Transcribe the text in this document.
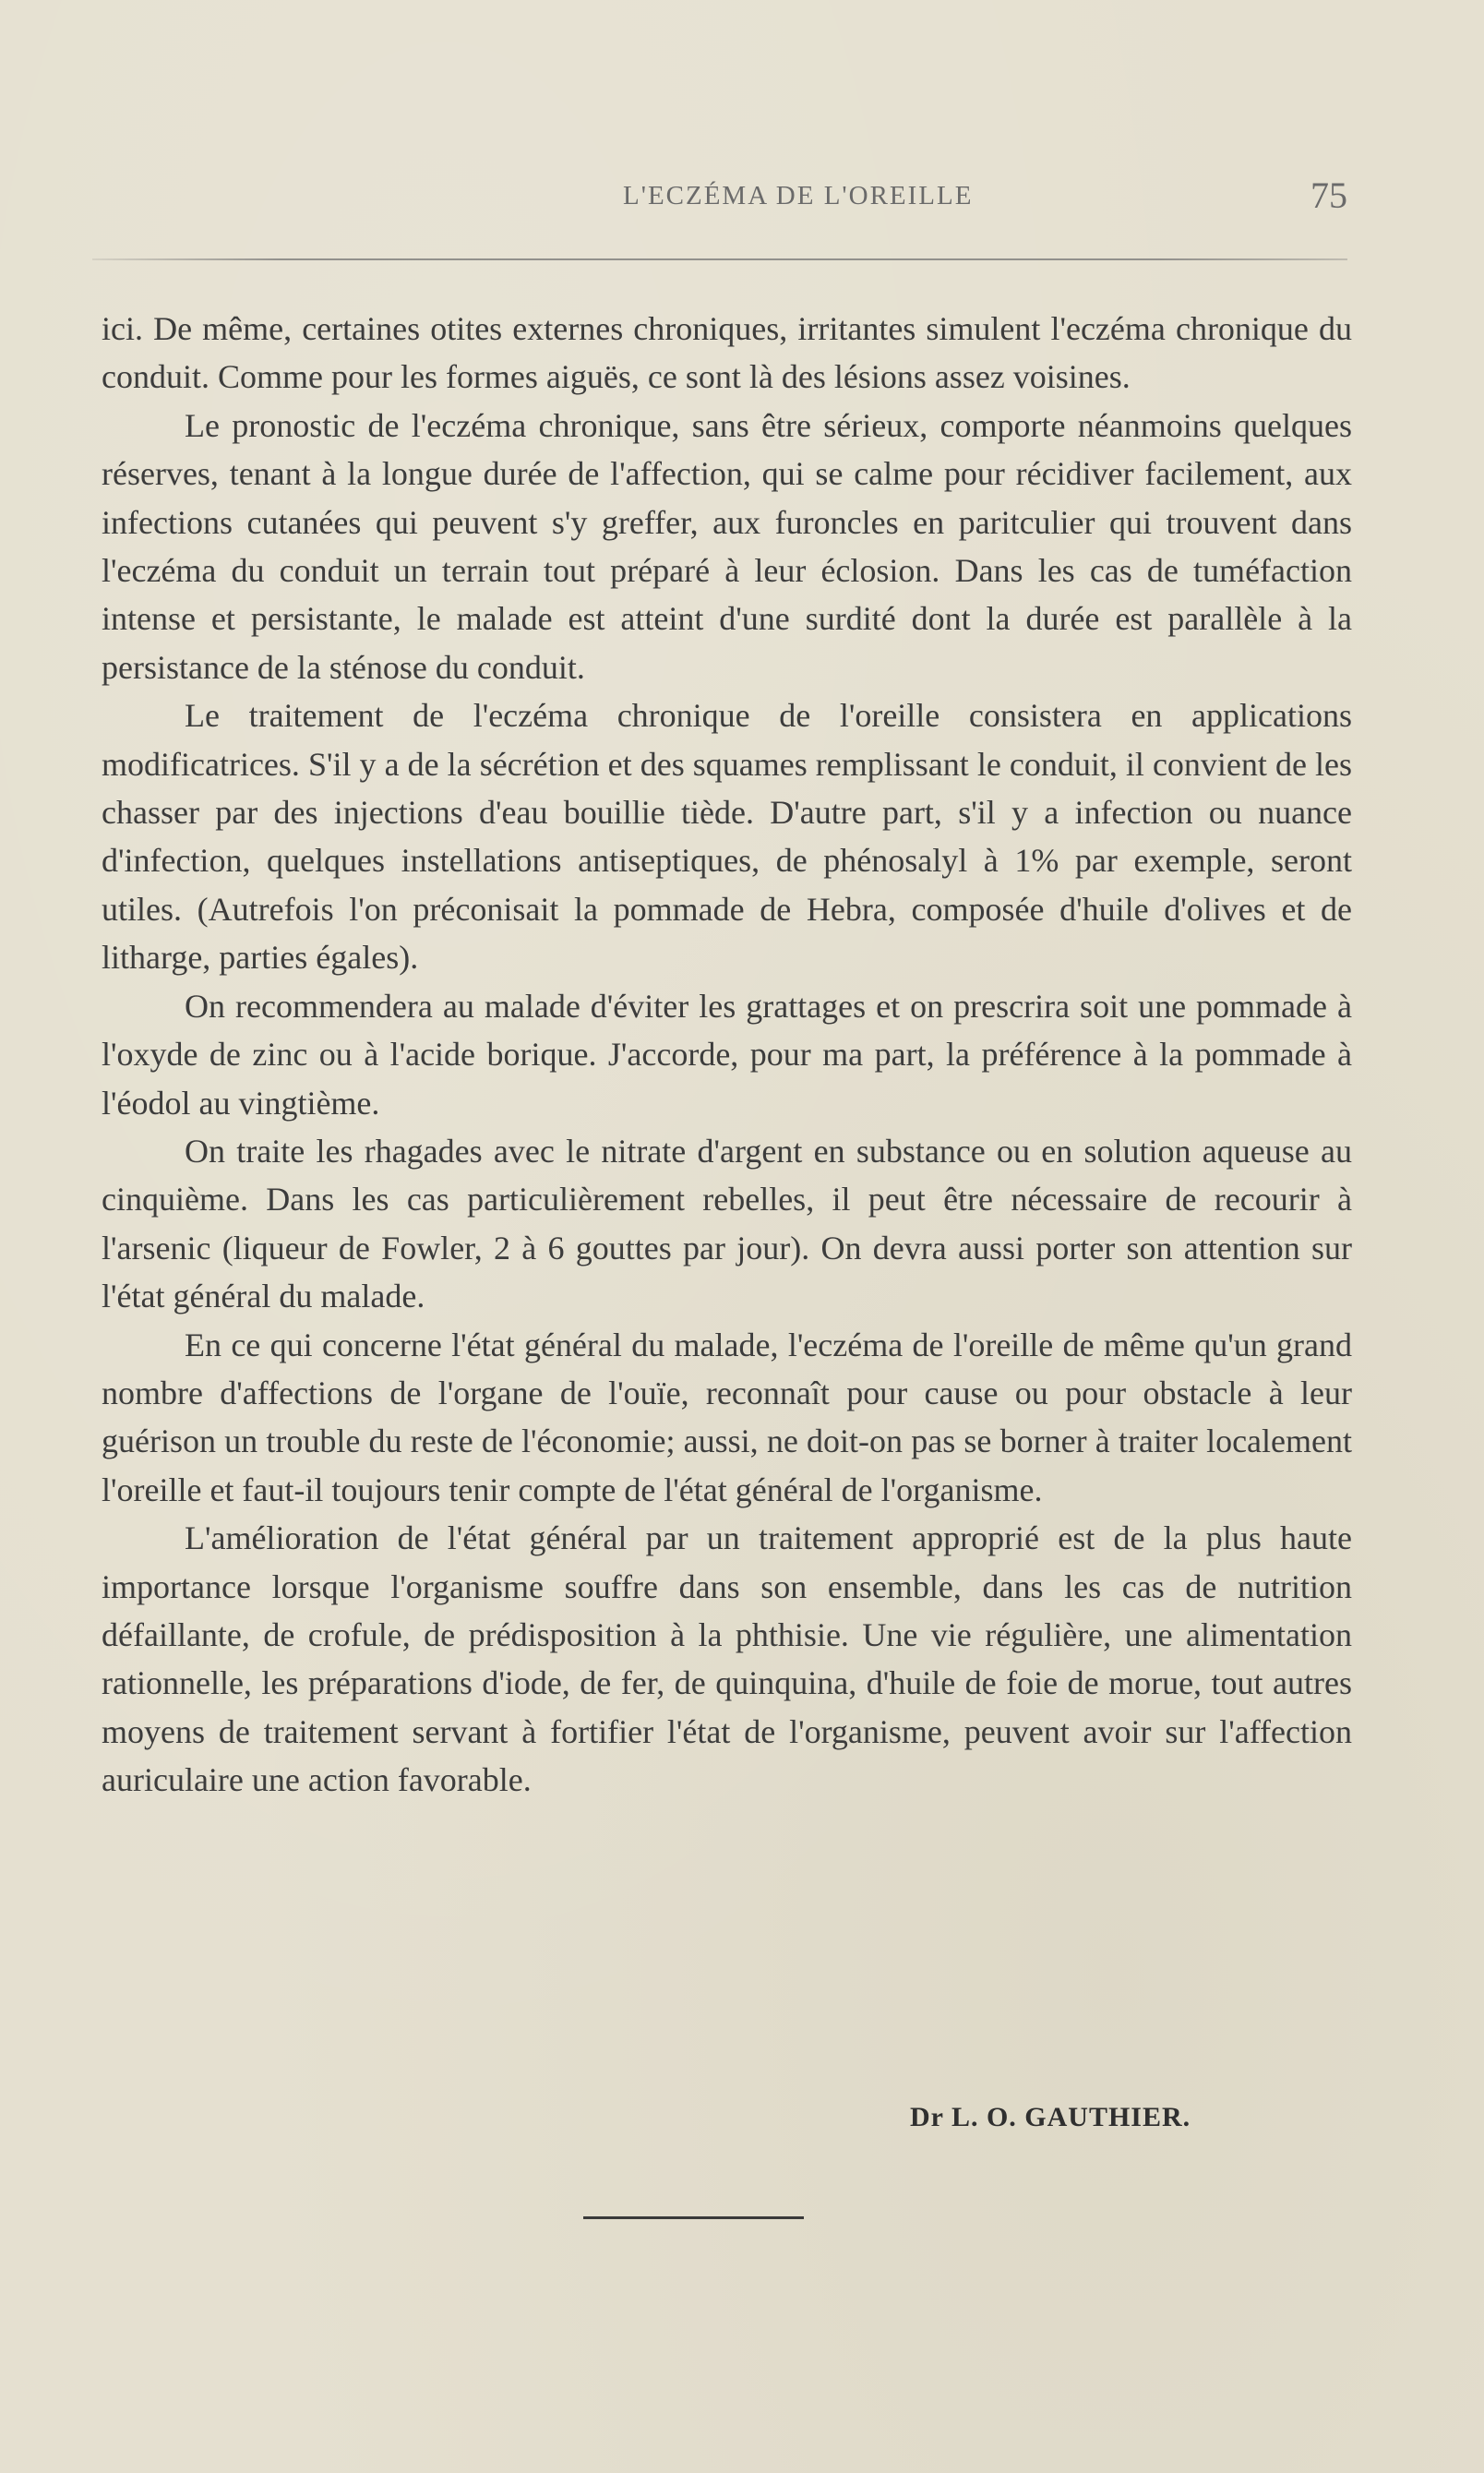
L'ECZÉMA DE L'OREILLE	75

ici. De même, certaines otites externes chroniques, irritantes simulent l'eczéma chronique du conduit. Comme pour les formes aiguës, ce sont là des lésions assez voisines.

Le pronostic de l'eczéma chronique, sans être sérieux, comporte néanmoins quelques réserves, tenant à la longue durée de l'affection, qui se calme pour récidiver facilement, aux infections cutanées qui peuvent s'y greffer, aux furoncles en paritculier qui trouvent dans l'eczéma du conduit un terrain tout préparé à leur éclosion. Dans les cas de tuméfaction intense et persistante, le malade est atteint d'une surdité dont la durée est parallèle à la persistance de la sténose du conduit.

Le traitement de l'eczéma chronique de l'oreille consistera en applications modificatrices. S'il y a de la sécrétion et des squames remplissant le conduit, il convient de les chasser par des injections d'eau bouillie tiède. D'autre part, s'il y a infection ou nuance d'infection, quelques instellations antiseptiques, de phénosalyl à 1% par exemple, seront utiles. (Autrefois l'on préconisait la pommade de Hebra, composée d'huile d'olives et de litharge, parties égales).

On recommendera au malade d'éviter les grattages et on prescrira soit une pommade à l'oxyde de zinc ou à l'acide borique. J'accorde, pour ma part, la préférence à la pommade à l'éodol au vingtième.

On traite les rhagades avec le nitrate d'argent en substance ou en solution aqueuse au cinquième. Dans les cas particulièrement rebelles, il peut être nécessaire de recourir à l'arsenic (liqueur de Fowler, 2 à 6 gouttes par jour). On devra aussi porter son attention sur l'état général du malade.

En ce qui concerne l'état général du malade, l'eczéma de l'oreille de même qu'un grand nombre d'affections de l'organe de l'ouïe, reconnaît pour cause ou pour obstacle à leur guérison un trouble du reste de l'économie; aussi, ne doit-on pas se borner à traiter localement l'oreille et faut-il toujours tenir compte de l'état général de l'organisme.

L'amélioration de l'état général par un traitement approprié est de la plus haute importance lorsque l'organisme souffre dans son ensemble, dans les cas de nutrition défaillante, de crofule, de prédisposition à la phthisie. Une vie régulière, une alimentation rationnelle, les préparations d'iode, de fer, de quinquina, d'huile de foie de morue, tout autres moyens de traitement servant à fortifier l'état de l'organisme, peuvent avoir sur l'affection auriculaire une action favorable.

Dr L. O. GAUTHIER.
